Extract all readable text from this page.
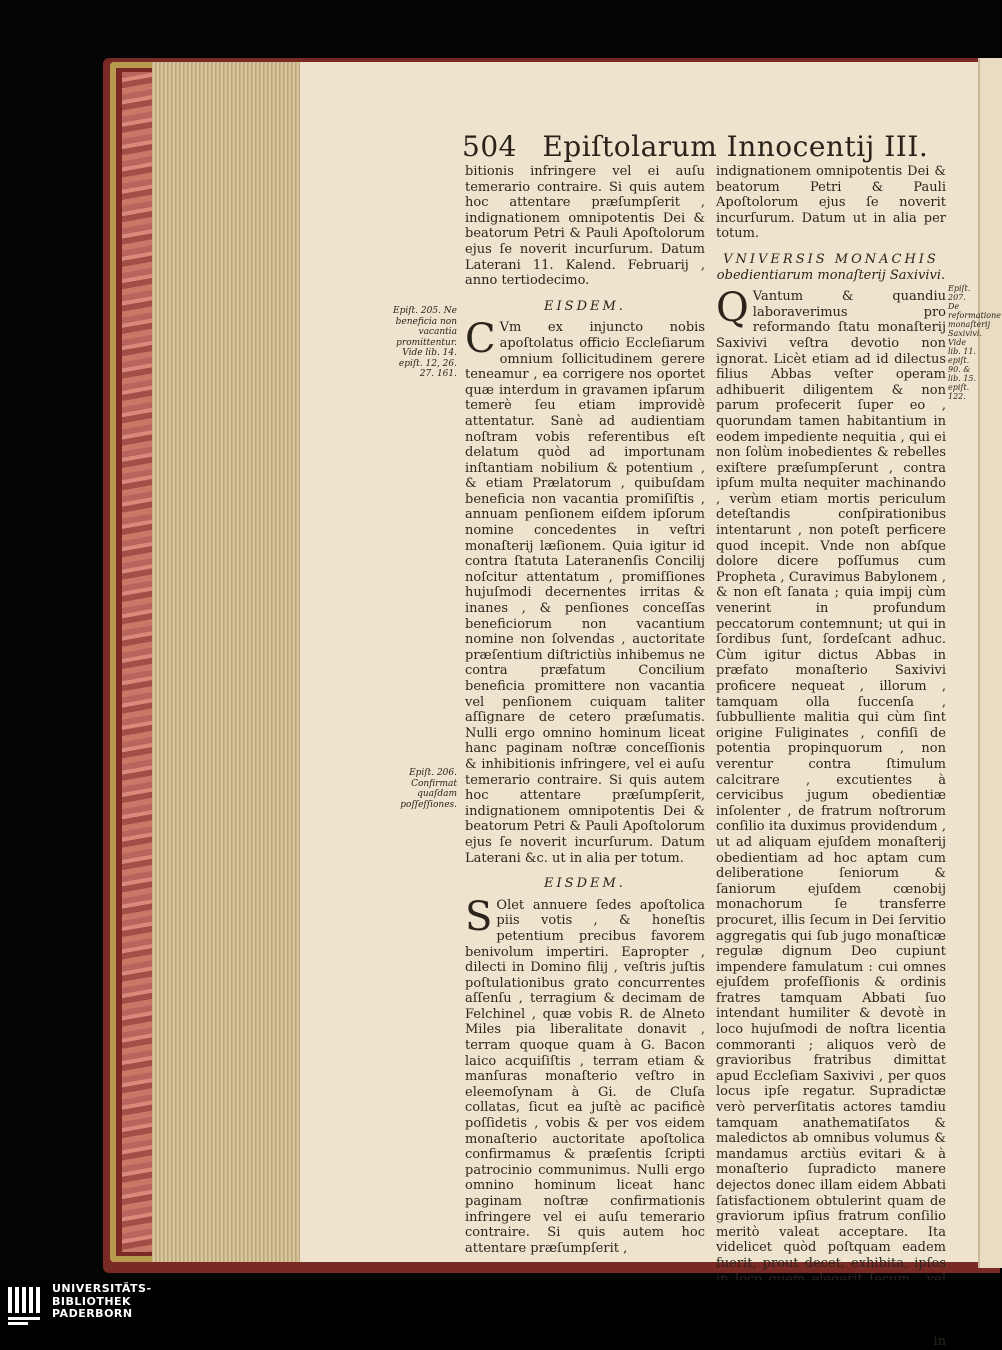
504 Epiſtolarum Innocentij III.
Epiſt. 205. Ne beneficia non vacantia promittentur. Vide lib. 14. epiſt. 12, 26. 27. 161.
Epiſt. 206. Confirmat quaſdam poſſeſſiones.

bitionis infringere vel ei auſu temerario contraire. Si quis autem hoc attentare præſumpſerit , indignationem omnipotentis Dei & beatorum Petri & Pauli Apoſtolorum ejus ſe noverit incurſurum. Datum Laterani 11. Kalend. Februarij , anno tertiodecimo.

EISDEM.

C Vm ex injuncto nobis apoſtolatus officio Eccleſiarum omnium ſollicitudinem gerere teneamur , ea corrigere nos oportet quæ interdum in gravamen ipſarum temerè ſeu etiam improvidè attentatur. Sanè ad audientiam noſtram vobis referentibus eſt delatum quòd ad importunam inſtantiam nobilium & potentium , & etiam Prælatorum , quibuſdam beneficia non vacantia promiſiſtis , annuam penſionem eiſdem ipſorum nomine concedentes in veſtri monaſterij læſionem. Quia igitur id contra ſtatuta Lateranenſis Concilij noſcitur attentatum , promiſſiones hujuſmodi decernentes irritas & inanes , & penſiones conceſſas beneficiorum non vacantium nomine non ſolvendas , auctoritate præſentium diſtrictiùs inhibemus ne contra præfatum Concilium beneficia promittere non vacantia vel penſionem cuiquam taliter aſſignare de cetero præſumatis. Nulli ergo omnino hominum liceat hanc paginam noſtræ conceſſionis & inhibitionis infringere, vel ei auſu temerario contraire. Si quis autem hoc attentare præſumpſerit, indignationem omnipotentis Dei & beatorum Petri & Pauli Apoſtolorum ejus ſe noverit incurſurum. Datum Laterani &c. ut in alia per totum.

EISDEM.

S Olet annuere ſedes apoſtolica piis votis , & honeſtis petentium precibus favorem benivolum impertiri. Eapropter , dilecti in Domino filij , veſtris juſtis poſtulationibus grato concurrentes aſſenſu , terragium & decimam de Felchinel , quæ vobis R. de Alneto Miles pia liberalitate donavit , terram quoque quam à G. Bacon laico acquiſiſtis , terram etiam & manſuras monaſterio veſtro in eleemoſynam à Gi. de Cluſa collatas, ſicut ea juſtè ac pacificè poſſidetis , vobis & per vos eidem monaſterio auctoritate apoſtolica confirmamus & præſentis ſcripti patrocinio communimus. Nulli ergo omnino hominum liceat hanc paginam noſtræ confirmationis infringere vel ei auſu temerario contraire. Si quis autem hoc attentare præſumpſerit ,

indignationem omnipotentis Dei & beatorum Petri & Pauli Apoſtolorum ejus ſe noverit incurſurum. Datum ut in alia per totum.

VNIVERSIS MONACHIS
obedientiarum monaſterij Saxivivi.

Q Vantum & quandiu laboraverimus pro reformando ſtatu monaſterij Saxivivi veſtra devotio non ignorat. Licèt etiam ad id dilectus filius Abbas veſter operam adhibuerit diligentem & non parum profecerit ſuper eo , quorundam tamen habitantium in eodem impediente nequitia , qui ei non ſolùm inobedientes & rebelles exiſtere præſumpſerunt , contra ipſum multa nequiter machinando , verùm etiam mortis periculum deteſtandis conſpirationibus intentarunt , non poteſt perficere quod incepit. Vnde non abſque dolore dicere poſſumus cum Propheta , Curavimus Babylonem , & non eſt ſanata ; quia impij cùm venerint in profundum peccatorum contemnunt; ut qui in ſordibus ſunt, ſordeſcant adhuc. Cùm igitur dictus Abbas in præfato monaſterio Saxivivi proficere nequeat , illorum , tamquam olla ſuccenſa , ſubbulliente malitia qui cùm ſint origine Fuliginates , confiſi de potentia propinquorum , non verentur contra ſtimulum calcitrare , excutientes à cervicibus jugum obedientiæ inſolenter , de fratrum noſtrorum conſilio ita duximus providendum , ut ad aliquam ejuſdem monaſterij obedientiam ad hoc aptam cum deliberatione ſeniorum & ſaniorum ejuſdem cœnobij monachorum ſe transferre procuret, illis ſecum in Dei ſervitio aggregatis qui ſub jugo monaſticæ regulæ dignum Deo cupiunt impendere famulatum : cui omnes ejuſdem profeſſionis & ordinis fratres tamquam Abbati ſuo intendant humiliter & devotè in loco hujuſmodi de noſtra licentia commoranti ; aliquos verò de gravioribus fratribus dimittat apud Eccleſiam Saxivivi , per quos locus ipſe regatur. Supradictæ verò perverſitatis actores tamdiu tamquam anathematiſatos & maledictos ab omnibus volumus & mandamus arctiùs evitari & à monaſterio ſupradicto manere dejectos donec illam eidem Abbati ſatisfactionem obtulerint quam de graviorum ipſius fratrum conſilio meritò valeat acceptare. Ita videlicet quòd poſtquam eadem fuerit, prout decet, exhibita, ipſos

in
Epiſt. 207. De reformatione monaſterij Saxivivi. Vide lib. 11. epiſt. 90. & lib. 15. epiſt. 122.
UNIVERSITÄTS-
BIBLIOTHEK
PADERBORN
